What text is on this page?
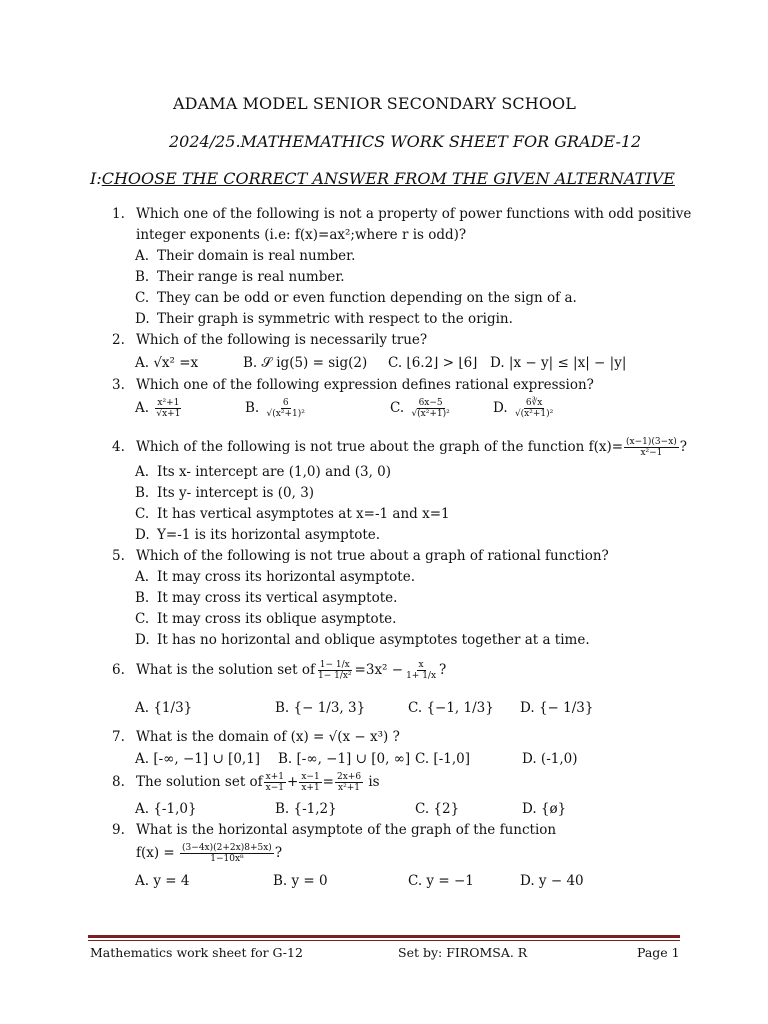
ADAMA MODEL SENIOR SECONDARY SCHOOL
2024/25.MATHEMATHICS WORK SHEET FOR GRADE-12
I:CHOOSE THE CORRECT ANSWER FROM THE GIVEN ALTERNATIVE
1. Which one of the following is not a property of power functions with odd positive
integer exponents (i.e: f(x)=ax²;where r is odd)?
A. Their domain is real number.
B. Their range is real number.
C. They can be odd or even function depending on the sign of a.
D. Their graph is symmetric with respect to the origin.
2. Which of the following is necessarily true?
A. √x² =x	B. 𝒮 ig(5) = sig(2) C. ⌊6.2⌋ > ⌊6⌋ D. |x − y| ≤ |x| − |y|
3. Which one of the following expression defines rational expression?
A. $\frac{\text{x²+1}}{√x+1}$	B. $\frac{6}{\text{√(x²+1)²}}$	C. $\frac{6x-5}{\text{√(x²+1)²}}$	D. $\frac{6∛x}{\text{√(x²+1)²}}$
4. Which of the following is not true about the graph of the function $f(x)= \frac{(x-1)(3-x)}{\text{x²−1}}$ ?
A. Its x- intercept are (1,0) and (3, 0)
B. Its y- intercept is (0, 3)
C. It has vertical asymptotes at x=-1 and x=1
D. Y=-1 is its horizontal asymptote.
5. Which of the following is not true about a graph of rational function?
A. It may cross its horizontal asymptote.
B. It may cross its vertical asymptote.
C. It may cross its oblique asymptote.
D. It has no horizontal and oblique asymptotes together at a time.
6. What is the solution set of $\frac{1- 1/x}{\text{1− 1/x²}} =3x^2 - \frac{x}{1+ 1/x}$ ?
A. {1/3}	B. {− 1/3, 3}	C. {−1, 1/3} D. {− 1/3}
7. What is the domain of (x) = √(x − x³) ?
A. [-∞, −1] ∪ [0,1] B. [-∞, −1] ∪ [0, ∞] C. [-1,0]	D. (-1,0)
8. The solution set of $\frac{x+1}{x-1} + \frac{x-1}{x+1} = \frac{2x+6}{\text{x²+1}}$ is
A. {-1,0}	B. {-1,2}	C. {2}	D. {ø}
9. What is the horizontal asymptote of the graph of the function
$f(x) = \frac{(3-4x)(2+2x)8+5x)}{\text{1−10x⁸}}$ ?
A. y = 4	B. y = 0	C. y = −1	D. y − 40
Mathematics work sheet for G-12	Set by: FIROMSA. R	Page 1
